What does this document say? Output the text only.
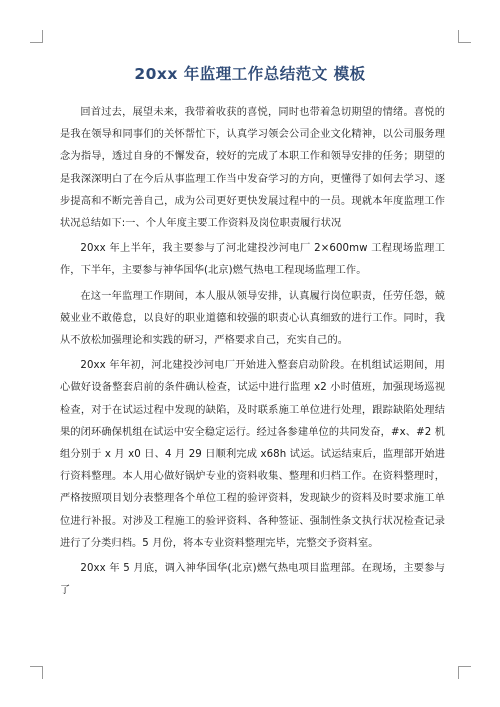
20xx 年监理工作总结范文 模板

回首过去，展望未来，我带着收获的喜悦，同时也带着急切期望的情绪。喜悦的是我在领导和同事们的关怀帮忙下，认真学习领会公司企业文化精神，以公司服务理念为指导，透过自身的不懈发奋，较好的完成了本职工作和领导安排的任务；期望的是我深深明白了在今后从事监理工作当中发奋学习的方向，更懂得了如何去学习、逐步提高和不断完善自己，成为公司更好更快发展过程中的一员。现就本年度监理工作状况总结如下:一、个人年度主要工作资料及岗位职责履行状况

20xx 年上半年，我主要参与了河北建投沙河电厂 2×600mw 工程现场监理工作，下半年，主要参与神华国华(北京)燃气热电工程现场监理工作。

在这一年监理工作期间，本人服从领导安排，认真履行岗位职责，任劳任怨，兢兢业业不敢倦怠，以良好的职业道德和较强的职责心认真细致的进行工作。同时，我从不放松加强理论和实践的研习，严格要求自己，充实自己的。

20xx 年年初，河北建投沙河电厂开始进入整套启动阶段。在机组试运期间，用心做好设备整套启前的条件确认检查，试运中进行监理 x2 小时值班，加强现场巡视检查，对于在试运过程中发现的缺陷，及时联系施工单位进行处理，跟踪缺陷处理结果的闭环确保机组在试运中安全稳定运行。经过各参建单位的共同发奋，#x、#2 机组分别于 x 月 x0 日、4 月 29 日顺利完成 x68h 试运。试运结束后，监理部开始进行资料整理。本人用心做好锅炉专业的资料收集、整理和归档工作。在资料整理时，严格按照项目划分表整理各个单位工程的验评资料，发现缺少的资料及时要求施工单位进行补报。对涉及工程施工的验评资料、各种签证、强制性条文执行状况检查记录进行了分类归档。5 月份，将本专业资料整理完毕，完整交予资料室。

20xx 年 5 月底，调入神华国华(北京)燃气热电项目监理部。在现场，主要参与了
